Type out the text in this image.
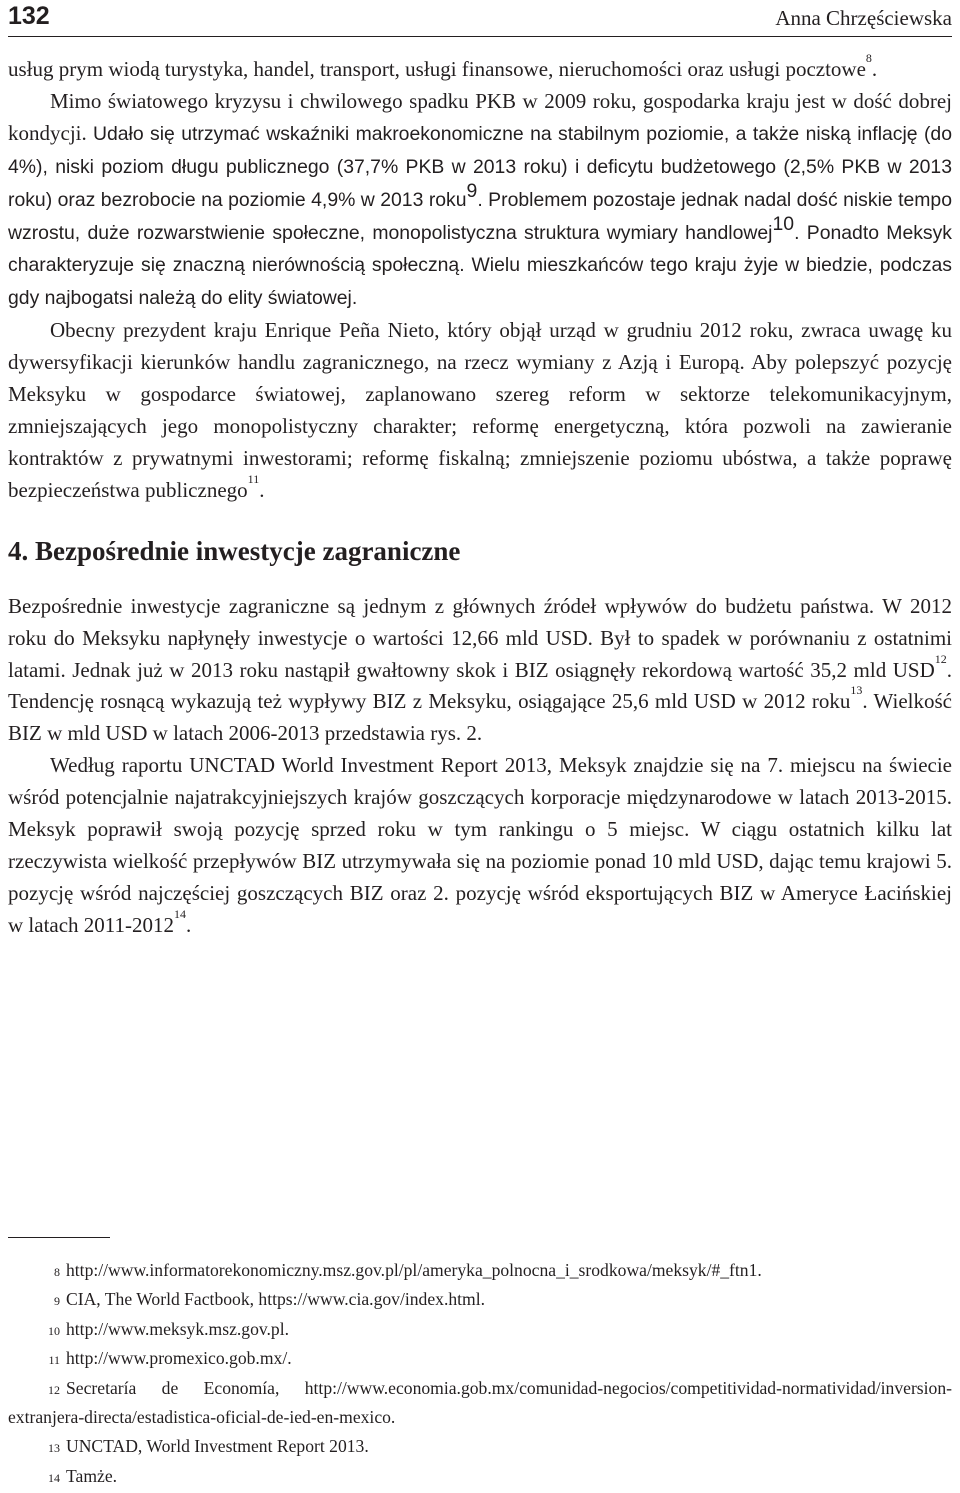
132	Anna Chrzęściewska

usług prym wiodą turystyka, handel, transport, usługi finansowe, nieruchomości oraz usługi pocztowe$^8$.

Mimo światowego kryzysu i chwilowego spadku PKB w 2009 roku, gospodarka kraju jest w dość dobrej kondycji. Udało się utrzymać wskaźniki makroekonomiczne na stabilnym poziomie, a także niską inflację (do 4%), niski poziom długu publicznego (37,7% PKB w 2013 roku) i deficytu budżetowego (2,5% PKB w 2013 roku) oraz bezrobocie na poziomie 4,9% w 2013 roku$^9$. Problemem pozostaje jednak nadal dość niskie tempo wzrostu, duże rozwarstwienie społeczne, monopolistyczna struktura wymiary handlowej$^{10}$. Ponadto Meksyk charakteryzuje się znaczną nierównością społeczną. Wielu mieszkańców tego kraju żyje w biedzie, podczas gdy najbogatsi należą do elity światowej.

Obecny prezydent kraju Enrique Peña Nieto, który objął urząd w grudniu 2012 roku, zwraca uwagę ku dywersyfikacji kierunków handlu zagranicznego, na rzecz wymiany z Azją i Europą. Aby polepszyć pozycję Meksyku w gospodarce światowej, zaplanowano szereg reform w sektorze telekomunikacyjnym, zmniejszających jego monopolistyczny charakter; reformę energetyczną, która pozwoli na zawieranie kontraktów z prywatnymi inwestorami; reformę fiskalną; zmniejszenie poziomu ubóstwa, a także poprawę bezpieczeństwa publicznego$^{11}$.

4. Bezpośrednie inwestycje zagraniczne

Bezpośrednie inwestycje zagraniczne są jednym z głównych źródeł wpływów do budżetu państwa. W 2012 roku do Meksyku napłynęły inwestycje o wartości 12,66 mld USD. Był to spadek w porównaniu z ostatnimi latami. Jednak już w 2013 roku nastąpił gwałtowny skok i BIZ osiągnęły rekordową wartość 35,2 mld USD$^{12}$. Tendencję rosnącą wykazują też wypływy BIZ z Meksyku, osiągające 25,6 mld USD w 2012 roku$^{13}$. Wielkość BIZ w mld USD w latach 2006-2013 przedstawia rys. 2.

Według raportu UNCTAD World Investment Report 2013, Meksyk znajdzie się na 7. miejscu na świecie wśród potencjalnie najatrakcyjniejszych krajów goszczących korporacje międzynarodowe w latach 2013-2015. Meksyk poprawił swoją pozycję sprzed roku w tym rankingu o 5 miejsc. W ciągu ostatnich kilku lat rzeczywista wielkość przepływów BIZ utrzymywała się na poziomie ponad 10 mld USD, dając temu krajowi 5. pozycję wśród najczęściej goszczących BIZ oraz 2. pozycję wśród eksportujących BIZ w Ameryce Łacińskiej w latach 2011-2012$^{14}$.

8 http://www.informatorekonomiczny.msz.gov.pl/pl/ameryka_polnocna_i_srodkowa/meksyk/#_ftn1.

9 CIA, The World Factbook, https://www.cia.gov/index.html.

10 http://www.meksyk.msz.gov.pl.

11 http://www.promexico.gob.mx/.

12 Secretaría de Economía, http://www.economia.gob.mx/comunidad-negocios/competitividad-normatividad/inversion-extranjera-directa/estadistica-oficial-de-ied-en-mexico.

13 UNCTAD, World Investment Report 2013.

14 Tamże.
